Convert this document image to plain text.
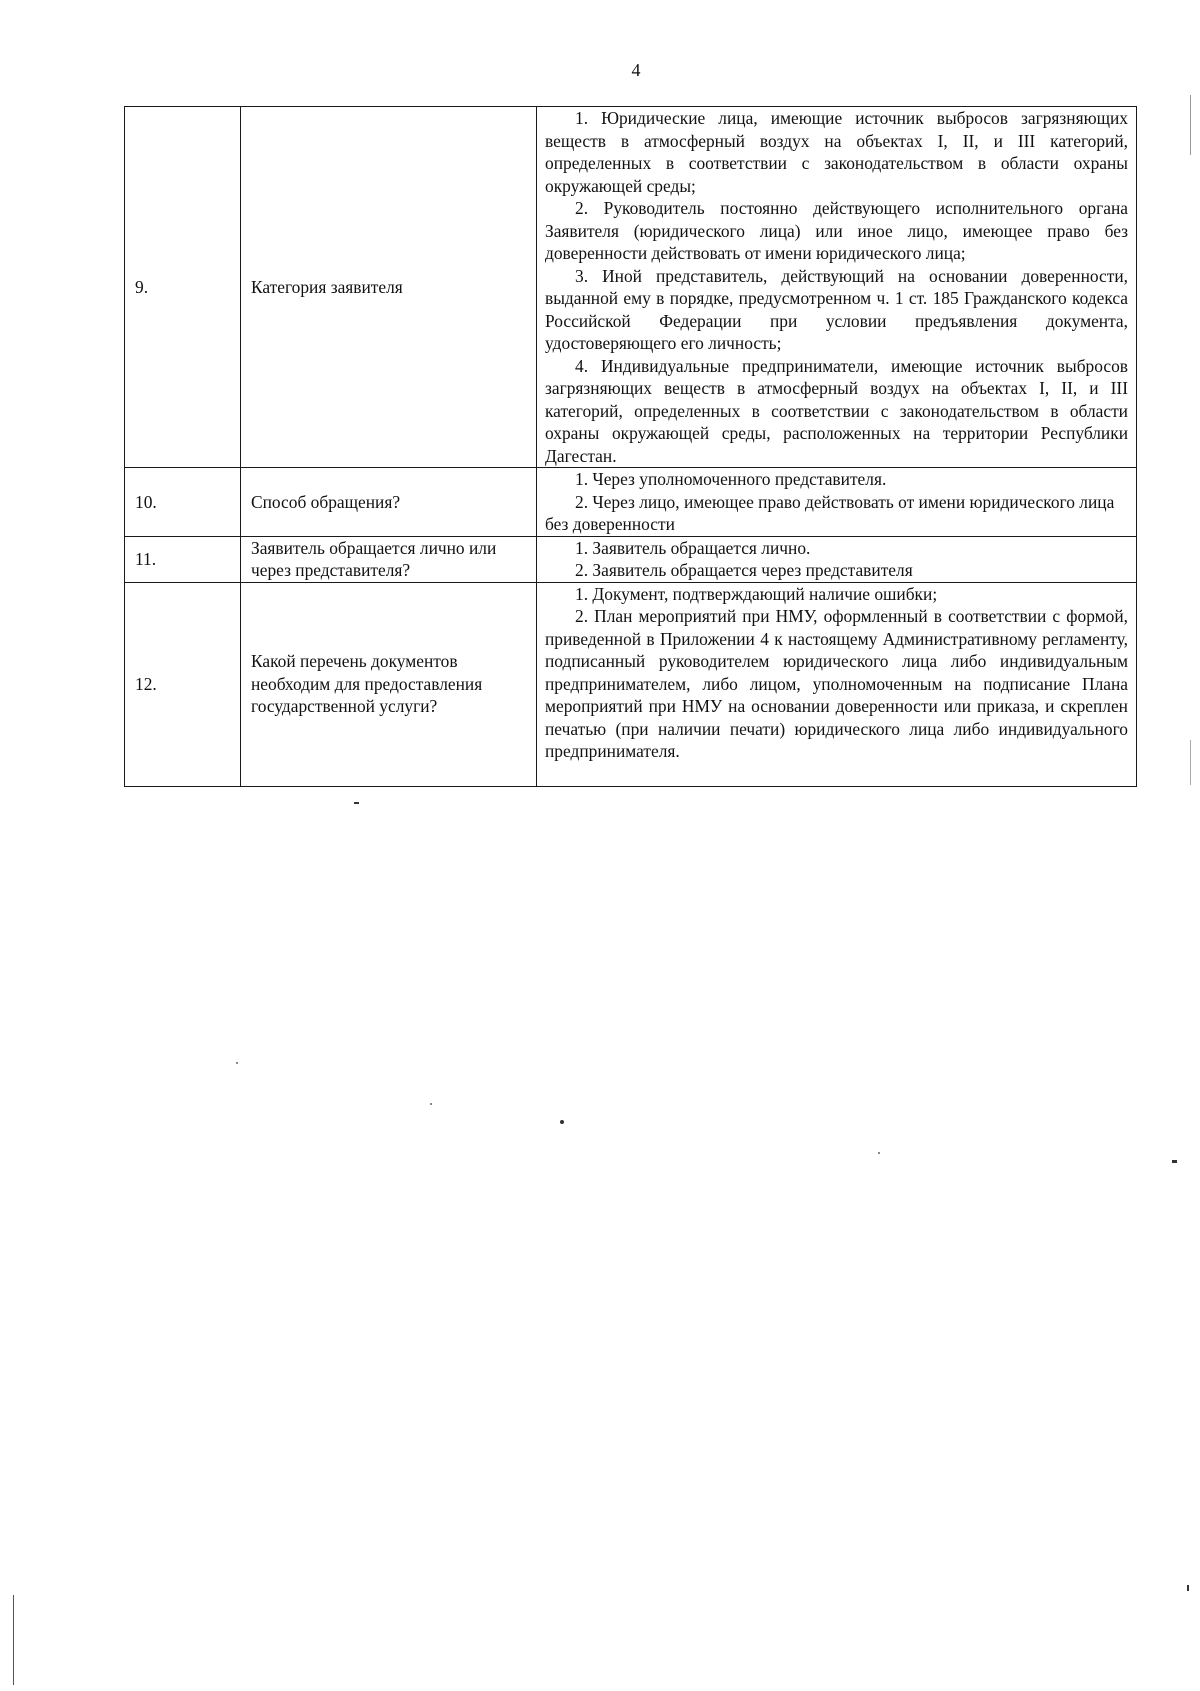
4
9.	Категория заявителя	1. Юридические лица, имеющие источник выбросов загрязняющих веществ в атмосферный воздух на объектах I, II, и III категорий, определенных в соответствии с законодательством в области охраны окружающей среды;

2. Руководитель постоянно действующего исполнительного органа Заявителя (юридического лица) или иное лицо, имеющее право без доверенности действовать от имени юридического лица;

3. Иной представитель, действующий на основании доверенности, выданной ему в порядке, предусмотренном ч. 1 ст. 185 Гражданского кодекса Российской Федерации при условии предъявления документа, удостоверяющего его личность;

4. Индивидуальные предприниматели, имеющие источник выбросов загрязняющих веществ в атмосферный воздух на объектах I, II, и III категорий, определенных в соответствии с законодательством в области охраны окружающей среды, расположенных на территории Республики Дагестан.

10.	Способ обращения?	1. Через уполномоченного представителя.

2. Через лицо, имеющее право действовать от имени юридического лица без доверенности

11.	Заявитель обращается лично или через представителя?	1. Заявитель обращается лично.

2. Заявитель обращается через представителя

12.	Какой перечень документов необходим для предоставления государственной услуги?	1. Документ, подтверждающий наличие ошибки;

2. План мероприятий при НМУ, оформленный в соответствии с формой, приведенной в Приложении 4 к настоящему Административному регламенту, подписанный руководителем юридического лица либо индивидуальным предпринимателем, либо лицом, уполномоченным на подписание Плана мероприятий при НМУ на основании доверенности или приказа, и скреплен печатью (при наличии печати) юридического лица либо индивидуального предпринимателя.
